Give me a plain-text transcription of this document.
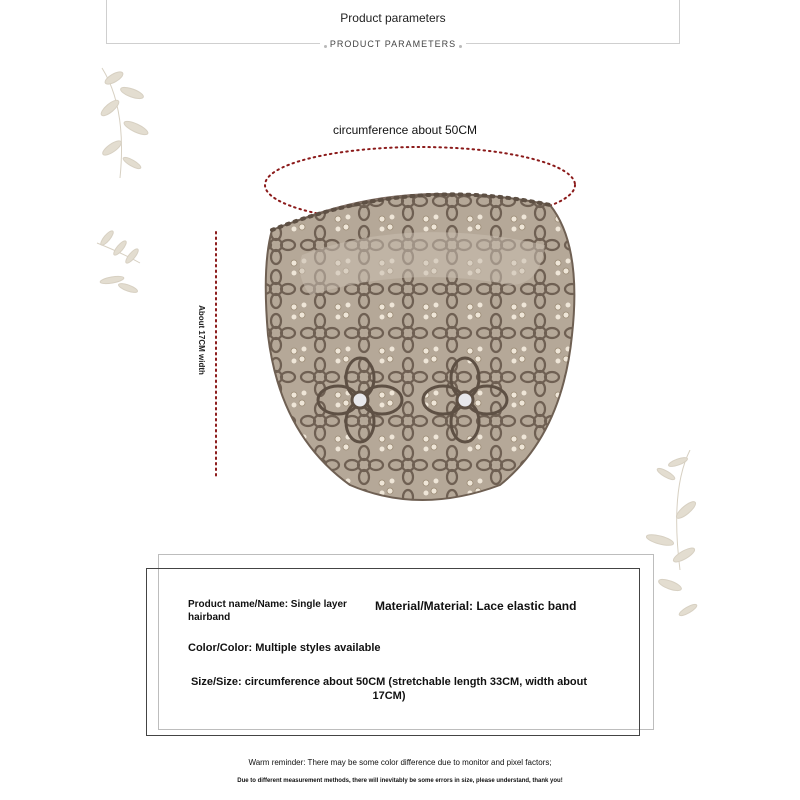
Product parameters
PRODUCT PARAMETERS
circumference about 50CM
About 17CM width
Product name/Name: Single layer hairband
Material/Material: Lace elastic band
Color/Color: Multiple styles available
Size/Size: circumference about 50CM (stretchable length 33CM, width about 17CM)
Warm reminder: There may be some color difference due to monitor and pixel factors;
Due to different measurement methods, there will inevitably be some errors in size, please understand, thank you!
